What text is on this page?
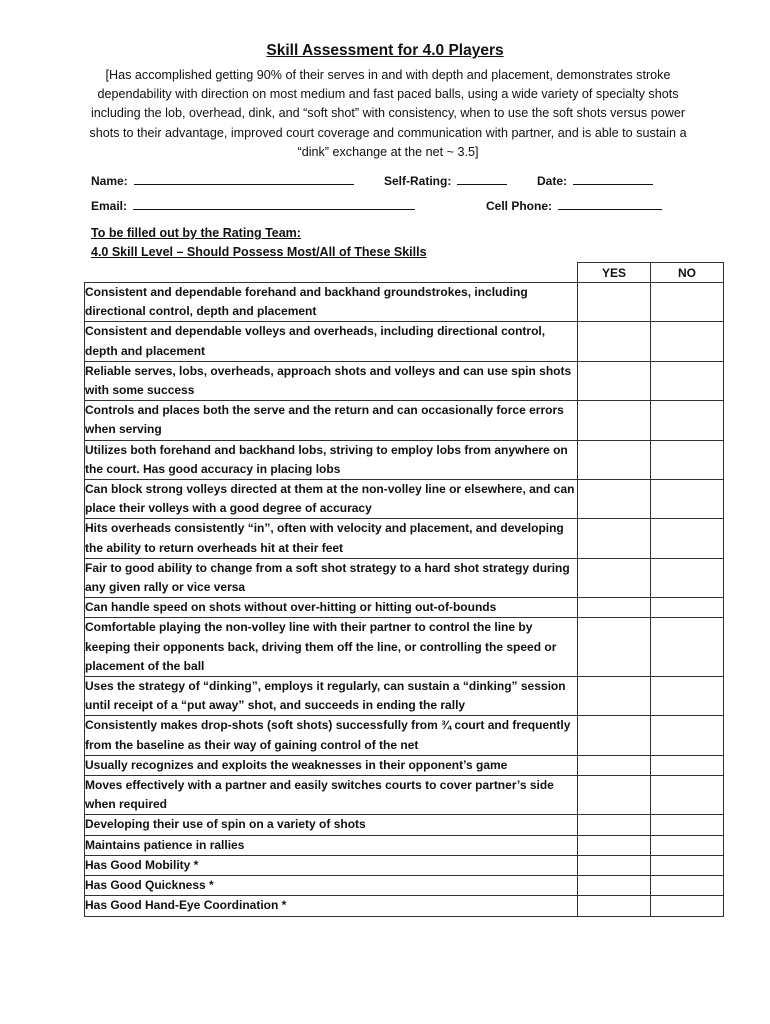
Skill Assessment for 4.0 Players
[Has accomplished getting 90% of their serves in and with depth and placement, demonstrates stroke dependability with direction on most medium and fast paced balls, using a wide variety of specialty shots including the lob, overhead, dink, and “soft shot” with consistency, when to use the soft shots versus power shots to their advantage, improved court coverage and communication with partner, and is able to sustain a “dink” exchange at the net ~ 3.5]
Name:	Self-Rating:	Date:
Email:	Cell Phone:
To be filled out by the Rating Team:
4.0 Skill Level – Should Possess Most/All of These Skills
	YES	NO
Consistent and dependable forehand and backhand groundstrokes, including directional control, depth and placement		
Consistent and dependable volleys and overheads, including directional control, depth and placement		
Reliable serves, lobs, overheads, approach shots and volleys and can use spin shots with some success		
Controls and places both the serve and the return and can occasionally force errors when serving		
Utilizes both forehand and backhand lobs, striving to employ lobs from anywhere on the court. Has good accuracy in placing lobs		
Can block strong volleys directed at them at the non-volley line or elsewhere, and can place their volleys with a good degree of accuracy		
Hits overheads consistently “in”, often with velocity and placement, and developing the ability to return overheads hit at their feet		
Fair to good ability to change from a soft shot strategy to a hard shot strategy during any given rally or vice versa		
Can handle speed on shots without over-hitting or hitting out-of-bounds		
Comfortable playing the non-volley line with their partner to control the line by keeping their opponents back, driving them off the line, or controlling the speed or placement of the ball		
Uses the strategy of “dinking”, employs it regularly, can sustain a “dinking” session until receipt of a “put away” shot, and succeeds in ending the rally		
Consistently makes drop-shots (soft shots) successfully from ¾ court and frequently from the baseline as their way of gaining control of the net		
Usually recognizes and exploits the weaknesses in their opponent’s game		
Moves effectively with a partner and easily switches courts to cover partner’s side when required		
Developing their use of spin on a variety of shots		
Maintains patience in rallies		
Has Good Mobility *		
Has Good Quickness *		
Has Good Hand-Eye Coordination *		
